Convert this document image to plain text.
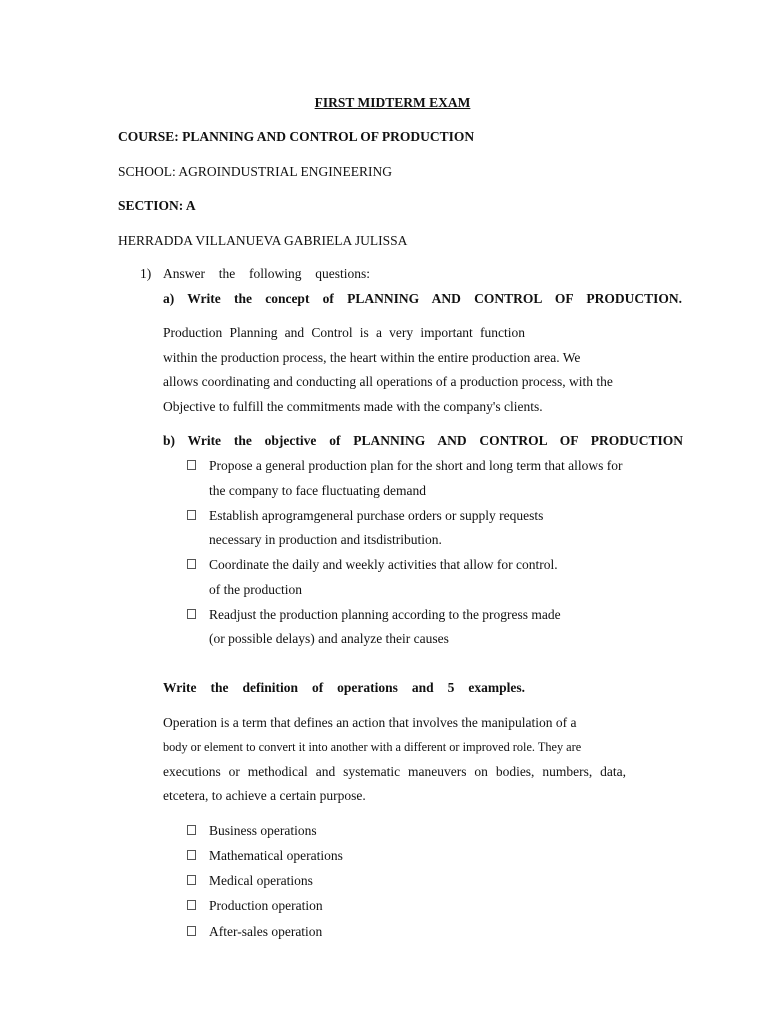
FIRST MIDTERM EXAM
COURSE: PLANNING AND CONTROL OF PRODUCTION
SCHOOL: AGROINDUSTRIAL ENGINEERING
SECTION: A
HERRADDA VILLANUEVA GABRIELA JULISSA
1) Answer the following questions:
a) Write the concept of PLANNING AND CONTROL OF PRODUCTION.
Production Planning and Control is a very important function
within the production process, the heart within the entire production area. We
allows coordinating and conducting all operations of a production process, with the
Objective to fulfill the commitments made with the company's clients.
b) Write the objective of PLANNING AND CONTROL OF PRODUCTION
Propose a general production plan for the short and long term that allows for
the company to face fluctuating demand
Establish aprogramgeneral purchase orders or supply requests
necessary in production and itsdistribution.
Coordinate the daily and weekly activities that allow for control.
of the production
Readjust the production planning according to the progress made
(or possible delays) and analyze their causes
Write the definition of operations and 5 examples.
Operation is a term that defines an action that involves the manipulation of a
body or element to convert it into another with a different or improved role. They are
executions or methodical and systematic maneuvers on bodies, numbers, data,
etcetera, to achieve a certain purpose.
Business operations
Mathematical operations
Medical operations
Production operation
After-sales operation
